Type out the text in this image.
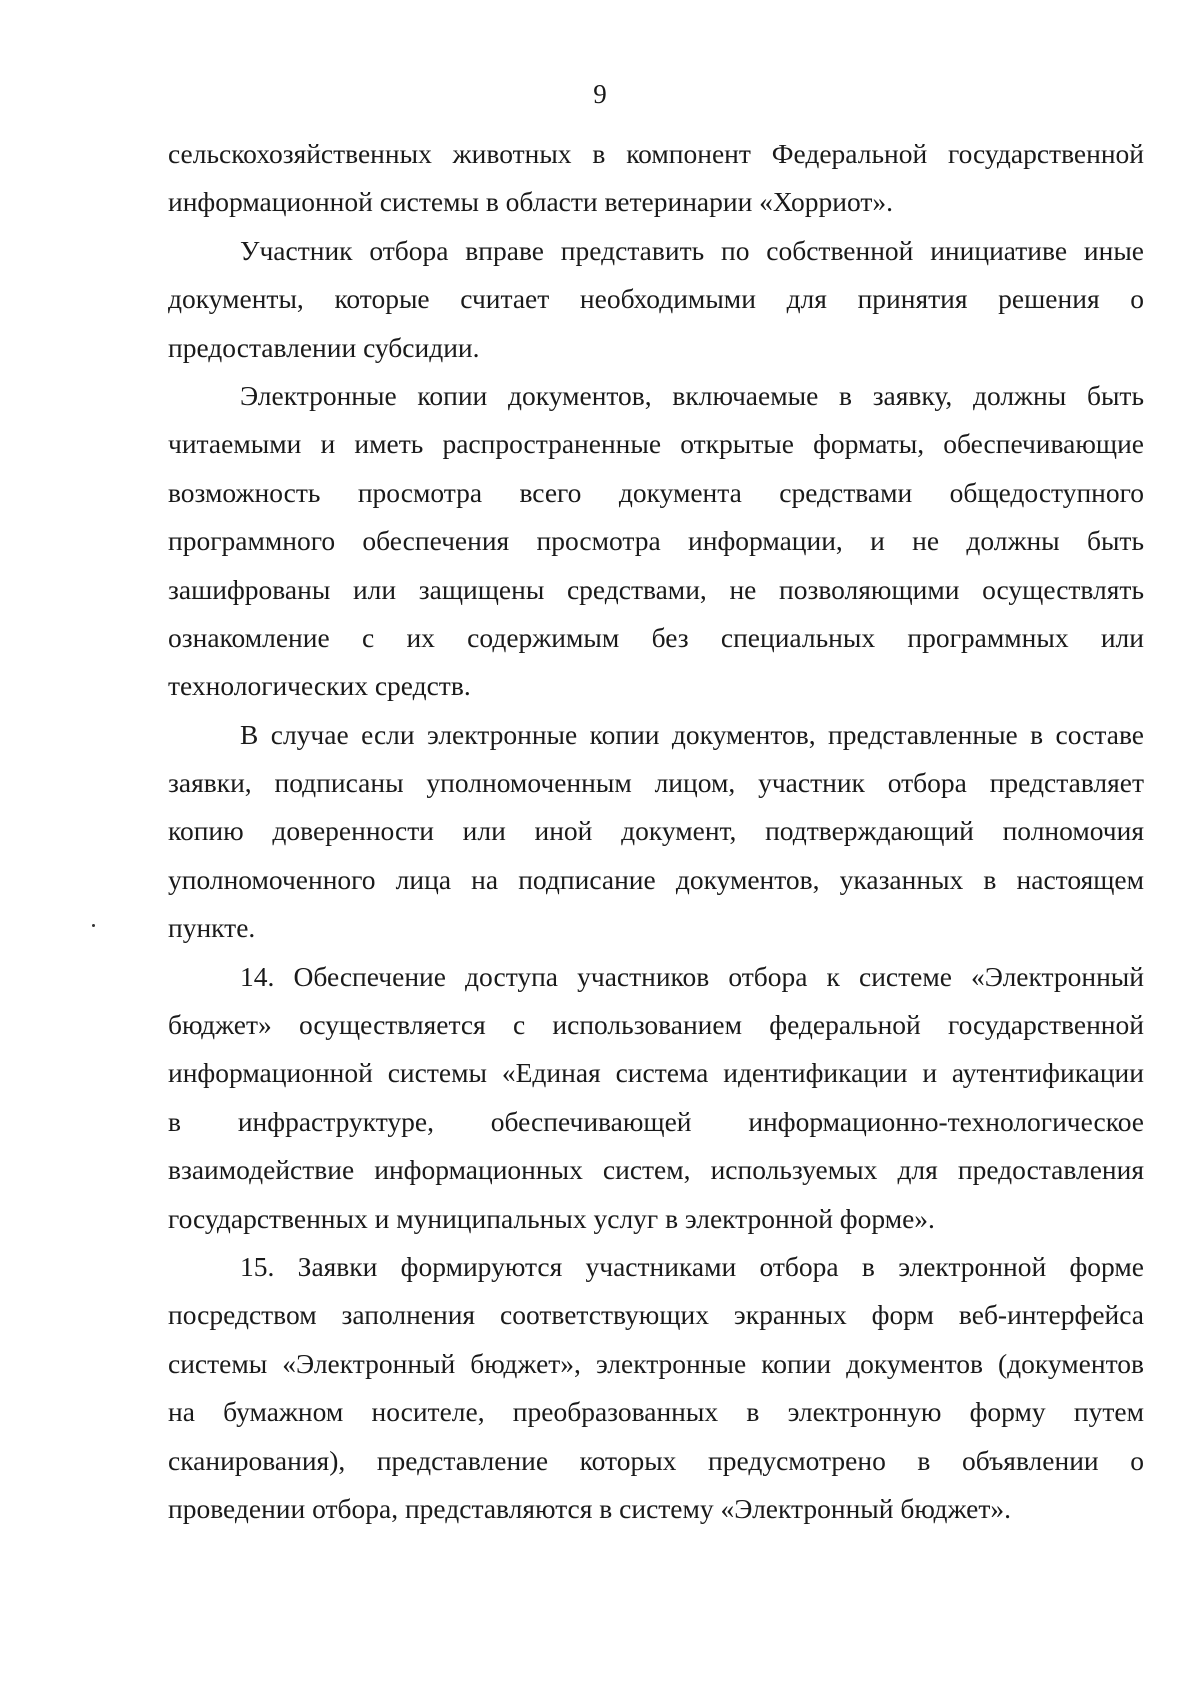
9
сельскохозяйственных животных в компонент Федеральной государственной
информационной системы в области ветеринарии «Хорриот».
Участник отбора вправе представить по собственной инициативе иные
документы, которые считает необходимыми для принятия решения о
предоставлении субсидии.
Электронные копии документов, включаемые в заявку, должны быть
читаемыми и иметь распространенные открытые форматы, обеспечивающие
возможность просмотра всего документа средствами общедоступного
программного обеспечения просмотра информации, и не должны быть
зашифрованы или защищены средствами, не позволяющими осуществлять
ознакомление с их содержимым без специальных программных или
технологических средств.
В случае если электронные копии документов, представленные в составе
заявки, подписаны уполномоченным лицом, участник отбора представляет
копию доверенности или иной документ, подтверждающий полномочия
уполномоченного лица на подписание документов, указанных в настоящем
пункте.
14. Обеспечение доступа участников отбора к системе «Электронный
бюджет» осуществляется с использованием федеральной государственной
информационной системы «Единая система идентификации и аутентификации
в инфраструктуре, обеспечивающей информационно-технологическое
взаимодействие информационных систем, используемых для предоставления
государственных и муниципальных услуг в электронной форме».
15. Заявки формируются участниками отбора в электронной форме
посредством заполнения соответствующих экранных форм веб-интерфейса
системы «Электронный бюджет», электронные копии документов (документов
на бумажном носителе, преобразованных в электронную форму путем
сканирования), представление которых предусмотрено в объявлении о
проведении отбора, представляются в систему «Электронный бюджет».
